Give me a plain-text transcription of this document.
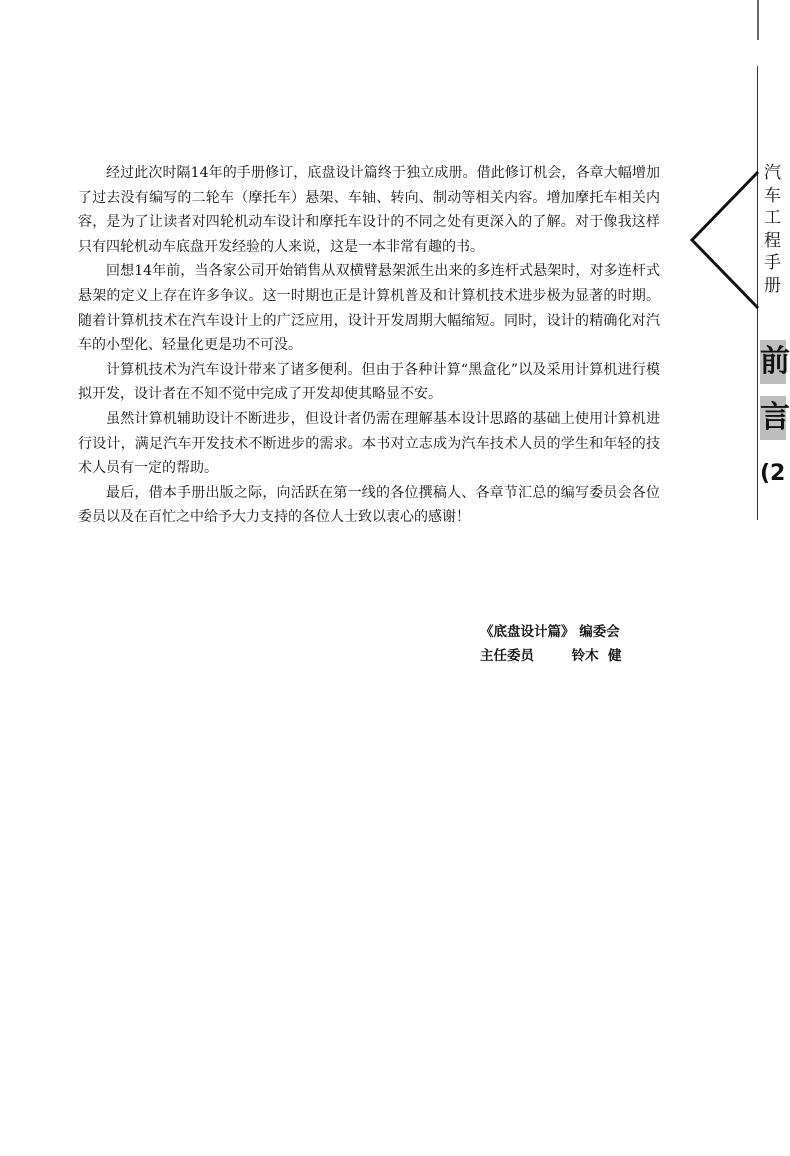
经过此次时隔14年的手册修订，底盘设计篇终于独立成册。借此修订机会，各章大幅增加了过去没有编写的二轮车（摩托车）悬架、车轴、转向、制动等相关内容。增加摩托车相关内容，是为了让读者对四轮机动车设计和摩托车设计的不同之处有更深入的了解。对于像我这样只有四轮机动车底盘开发经验的人来说，这是一本非常有趣的书。

回想14年前，当各家公司开始销售从双横臂悬架派生出来的多连杆式悬架时，对多连杆式悬架的定义上存在许多争议。这一时期也正是计算机普及和计算机技术进步极为显著的时期。随着计算机技术在汽车设计上的广泛应用，设计开发周期大幅缩短。同时，设计的精确化对汽车的小型化、轻量化更是功不可没。

计算机技术为汽车设计带来了诸多便利。但由于各种计算“黑盒化”以及采用计算机进行模拟开发，设计者在不知不觉中完成了开发却使其略显不安。

虽然计算机辅助设计不断进步，但设计者仍需在理解基本设计思路的基础上使用计算机进行设计，满足汽车开发技术不断进步的需求。本书对立志成为汽车技术人员的学生和年轻的技术人员有一定的帮助。

最后，借本手册出版之际，向活跃在第一线的各位撰稿人、各章节汇总的编写委员会各位委员以及在百忙之中给予大力支持的各位人士致以衷心的感谢！

《底盘设计篇》 编委会
主任委员	铃木  健
汽
车
工
程
手
册
前
言
(2
